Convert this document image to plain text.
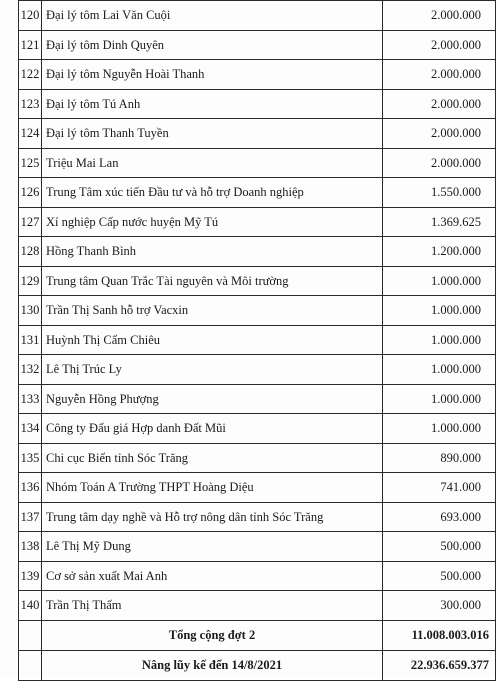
120	Đại lý tôm Lai Văn Cuội	2.000.000
121	Đại lý tôm Dinh Quyên	2.000.000
122	Đại lý tôm Nguyễn Hoài Thanh	2.000.000
123	Đại lý tôm Tú Anh	2.000.000
124	Đại lý tôm Thanh Tuyền	2.000.000
125	Triệu Mai Lan	2.000.000
126	Trung Tâm xúc tiến Đầu tư và hỗ trợ Doanh nghiệp	1.550.000
127	Xí nghiệp Cấp nước huyện Mỹ Tú	1.369.625
128	Hồng Thanh Bình	1.200.000
129	Trung tâm Quan Trắc Tài nguyên và Môi trường	1.000.000
130	Trần Thị Sanh hỗ trợ Vacxin	1.000.000
131	Huỳnh Thị Cẩm Chiêu	1.000.000
132	Lê Thị Trúc Ly	1.000.000
133	Nguyễn Hồng Phượng	1.000.000
134	Công ty Đấu giá Hợp danh Đất Mũi	1.000.000
135	Chi cục Biển tỉnh Sóc Trăng	890.000
136	Nhóm Toán A Trường THPT Hoàng Diệu	741.000
137	Trung tâm dạy nghề và Hỗ trợ nông dân tỉnh Sóc Trăng	693.000
138	Lê Thị Mỹ Dung	500.000
139	Cơ sở sản xuất Mai Anh	500.000
140	Trần Thị Thấm	300.000
	Tổng cộng đợt 2	11.008.003.016
	Nâng lũy kế đến 14/8/2021	22.936.659.377
